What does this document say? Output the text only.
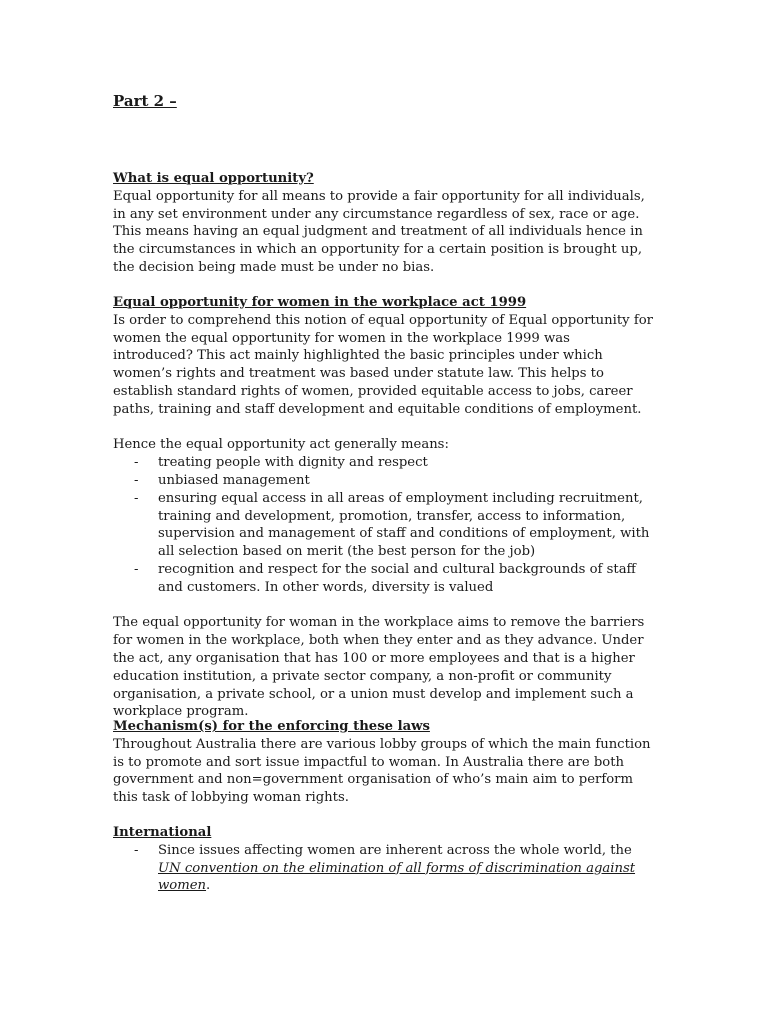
Part 2 –
What is equal opportunity?

Equal opportunity for all means to provide a fair opportunity for all individuals, in any set environment under any circumstance regardless of sex, race or age. This means having an equal judgment and treatment of all individuals hence in the circumstances in which an opportunity for a certain position is brought up, the decision being made must be under no bias.

Equal opportunity for women in the workplace act 1999

Is order to comprehend this notion of equal opportunity of Equal opportunity for women the equal opportunity for women in the workplace 1999 was introduced? This act mainly highlighted the basic principles under which women’s rights and treatment was based under statute law. This helps to establish standard rights of women, provided equitable access to jobs, career paths, training and staff development and equitable conditions of employment.

Hence the equal opportunity act generally means:

- treating people with dignity and respect
- unbiased management
- ensuring equal access in all areas of employment including recruitment, training and development, promotion, transfer, access to information, supervision and management of staff and conditions of employment, with all selection based on merit (the best person for the job)
- recognition and respect for the social and cultural backgrounds of staff and customers. In other words, diversity is valued

The equal opportunity for woman in the workplace aims to remove the barriers for women in the workplace, both when they enter and as they advance. Under the act, any organisation that has 100 or more employees and that is a higher education institution, a private sector company, a non-profit or community organisation, a private school, or a union must develop and implement such a workplace program.

Mechanism(s) for the enforcing these laws

Throughout Australia there are various lobby groups of which the main function is to promote and sort issue impactful to woman. In Australia there are both government and non=government organisation of who’s main aim to perform this task of lobbying woman rights.

International
- Since issues affecting women are inherent across the whole world, the UN convention on the elimination of all forms of discrimination against women.
